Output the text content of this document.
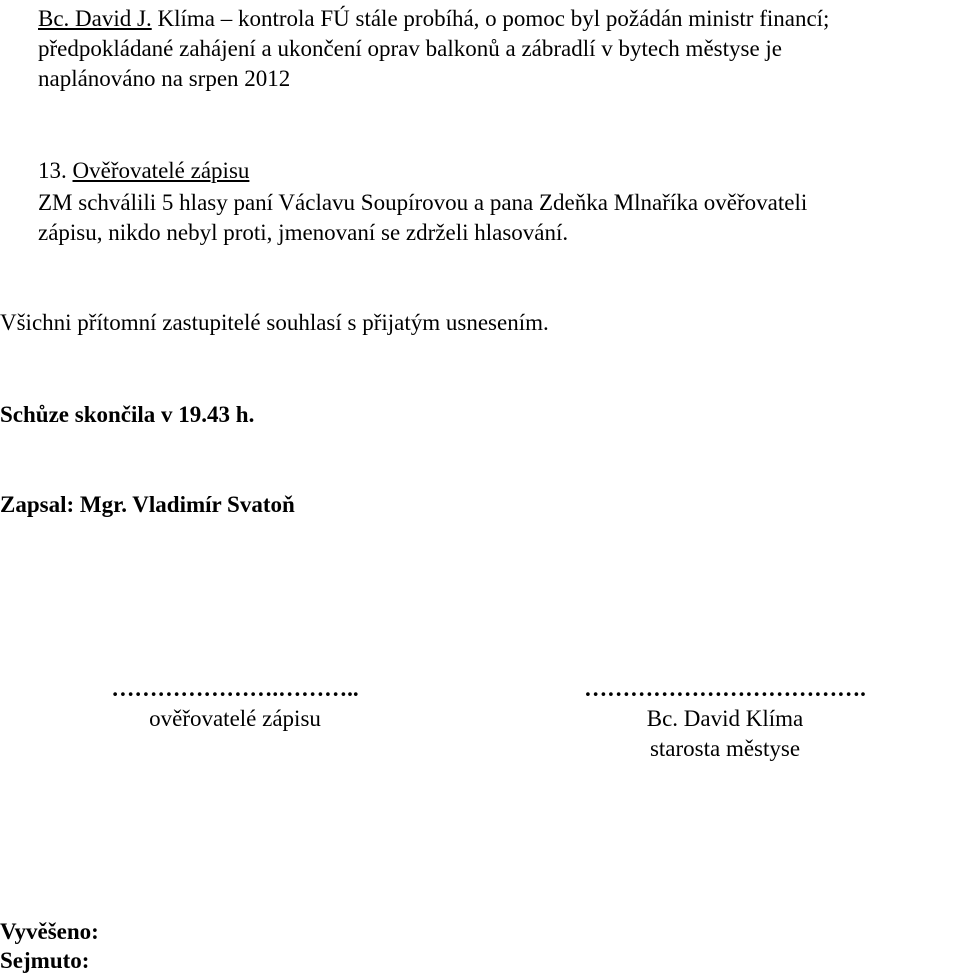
Bc. David J. Klíma – kontrola FÚ stále probíhá, o pomoc byl požádán ministr financí;
předpokládané zahájení a ukončení oprav balkonů a zábradlí v bytech městyse je
naplánováno na srpen 2012
13. Ověřovatelé zápisu
ZM schválili 5 hlasy paní Václavu Soupírovou a pana Zdeňka Mlnaříka ověřovateli
zápisu, nikdo nebyl proti, jmenovaní se zdrželi hlasování.
Všichni přítomní zastupitelé souhlasí s přijatým usnesením.
Schůze skončila v 19.43 h.
Zapsal: Mgr. Vladimír Svatoň
………………….………..
ověřovatelé zápisu
……………………………….
Bc. David Klíma
starosta městyse
Vyvěšeno:
Sejmuto:
